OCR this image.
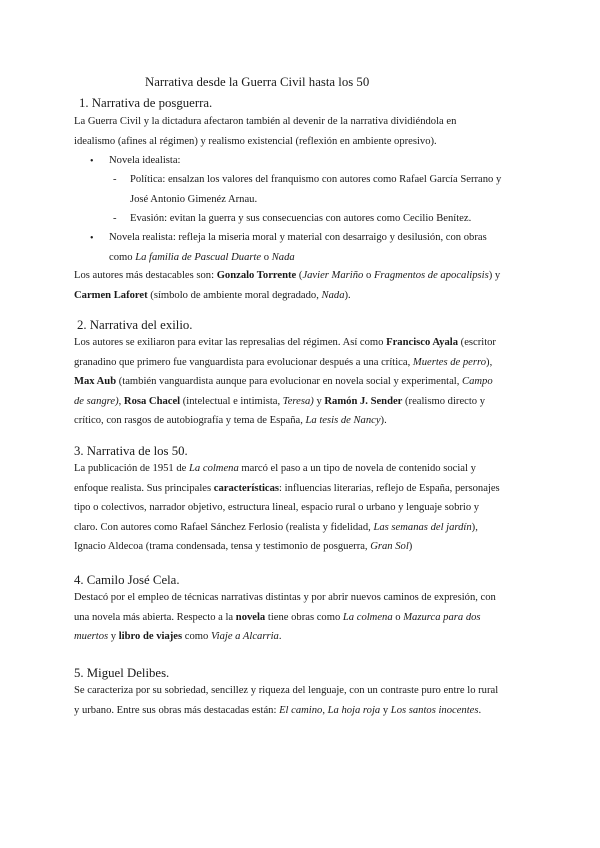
Narrativa desde la Guerra Civil hasta los 50
1. Narrativa de posguerra.
La Guerra Civil y la dictadura afectaron también al devenir de la narrativa dividiéndola en
idealismo (afines al régimen) y realismo existencial (reflexión en ambiente opresivo).
• Novela idealista:
- Política: ensalzan los valores del franquismo con autores como Rafael García Serrano y
José Antonio Gimenéz Arnau.
- Evasión: evitan la guerra y sus consecuencias con autores como Cecilio Benítez.
• Novela realista: refleja la miseria moral y material con desarraigo y desilusión, con obras
como La familia de Pascual Duarte o Nada
Los autores más destacables son: Gonzalo Torrente (Javier Mariño o Fragmentos de apocalipsis) y
Carmen Laforet (símbolo de ambiente moral degradado, Nada).
2. Narrativa del exilio.
Los autores se exiliaron para evitar las represalias del régimen. Así como Francisco Ayala (escritor
granadino que primero fue vanguardista para evolucionar después a una crítica, Muertes de perro),
Max Aub (también vanguardista aunque para evolucionar en novela social y experimental, Campo
de sangre), Rosa Chacel (intelectual e intimista, Teresa) y Ramón J. Sender (realismo directo y
crítico, con rasgos de autobiografía y tema de España, La tesis de Nancy).
3. Narrativa de los 50.
La publicación de 1951 de La colmena marcó el paso a un tipo de novela de contenido social y
enfoque realista. Sus principales características: influencias literarias, reflejo de España, personajes
tipo o colectivos, narrador objetivo, estructura lineal, espacio rural o urbano y lenguaje sobrio y
claro. Con autores como Rafael Sánchez Ferlosio (realista y fidelidad, Las semanas del jardín),
Ignacio Aldecoa (trama condensada, tensa y testimonio de posguerra, Gran Sol)
4. Camilo José Cela.
Destacó por el empleo de técnicas narrativas distintas y por abrir nuevos caminos de expresión, con
una novela más abierta. Respecto a la novela tiene obras como La colmena o Mazurca para dos
muertos y libro de viajes como Viaje a Alcarria.
5. Miguel Delibes.
Se caracteriza por su sobriedad, sencillez y riqueza del lenguaje, con un contraste puro entre lo rural
y urbano. Entre sus obras más destacadas están: El camino, La hoja roja y Los santos inocentes.
